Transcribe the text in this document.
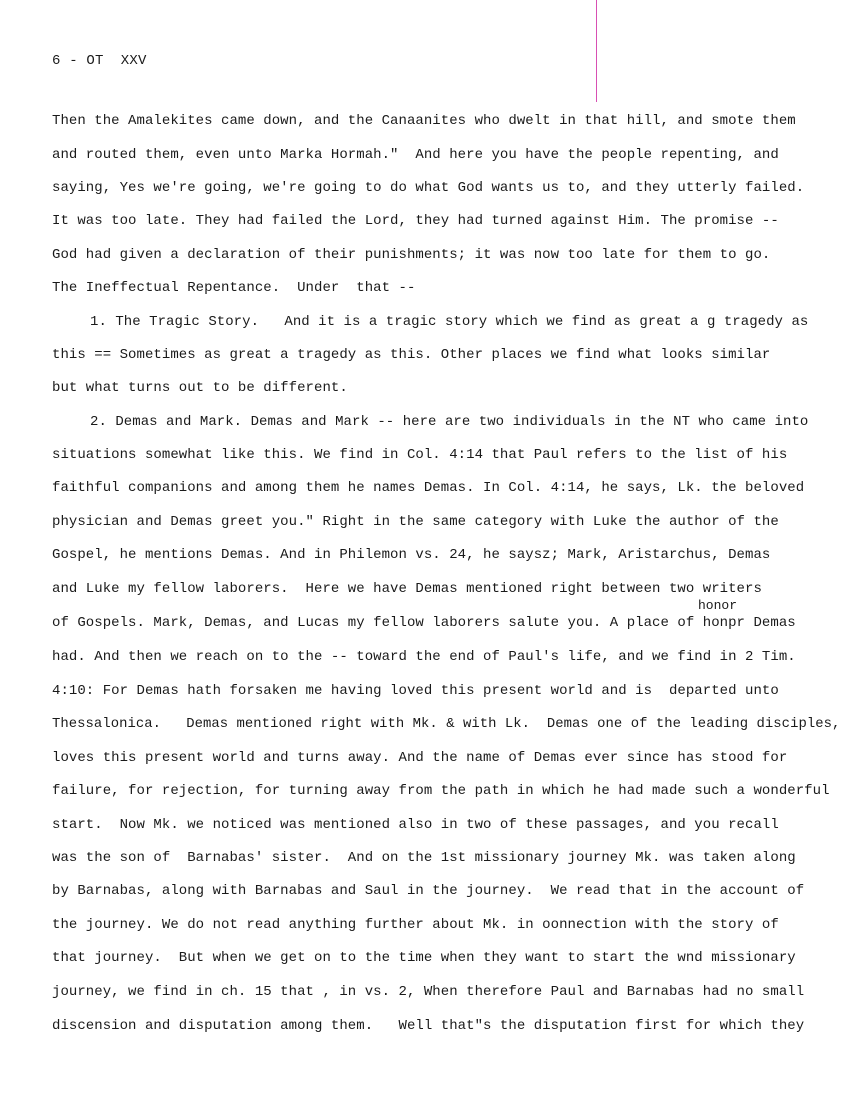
6 - OT  XXV
honor
Then the Amalekites came down, and the Canaanites who dwelt in that hill, and smote them
and routed them, even unto Marka Hormah."  And here you have the people repenting, and
saying, Yes we're going, we're going to do what God wants us to, and they utterly failed.
It was too late. They had failed the Lord, they had turned against Him. The promise --
God had given a declaration of their punishments; it was now too late for them to go.
The Ineffectual Repentance.  Under  that --
1. The Tragic Story.   And it is a tragic story which we find as great a g tragedy as
this == Sometimes as great a tragedy as this. Other places we find what looks similar
but what turns out to be different.
2. Demas and Mark. Demas and Mark -- here are two individuals in the NT who came into
situations somewhat like this. We find in Col. 4:14 that Paul refers to the list of his
faithful companions and among them he names Demas. In Col. 4:14, he says, Lk. the beloved
physician and Demas greet you." Right in the same category with Luke the author of the
Gospel, he mentions Demas. And in Philemon vs. 24, he saysz; Mark, Aristarchus, Demas
and Luke my fellow laborers.  Here we have Demas mentioned right between two writers
of Gospels. Mark, Demas, and Lucas my fellow laborers salute you. A place of honpr Demas
had. And then we reach on to the -- toward the end of Paul's life, and we find in 2 Tim.
4:10: For Demas hath forsaken me having loved this present world and is  departed unto
Thessalonica.   Demas mentioned right with Mk. & with Lk.  Demas one of the leading disciples,
loves this present world and turns away. And the name of Demas ever since has stood for
failure, for rejection, for turning away from the path in which he had made such a wonderful
start.  Now Mk. we noticed was mentioned also in two of these passages, and you recall
was the son of  Barnabas' sister.  And on the 1st missionary journey Mk. was taken along
by Barnabas, along with Barnabas and Saul in the journey.  We read that in the account of
the journey. We do not read anything further about Mk. in oonnection with the story of
that journey.  But when we get on to the time when they want to start the wnd missionary
journey, we find in ch. 15 that , in vs. 2, When therefore Paul and Barnabas had no small
discension and disputation among them.   Well that"s the disputation first for which they
